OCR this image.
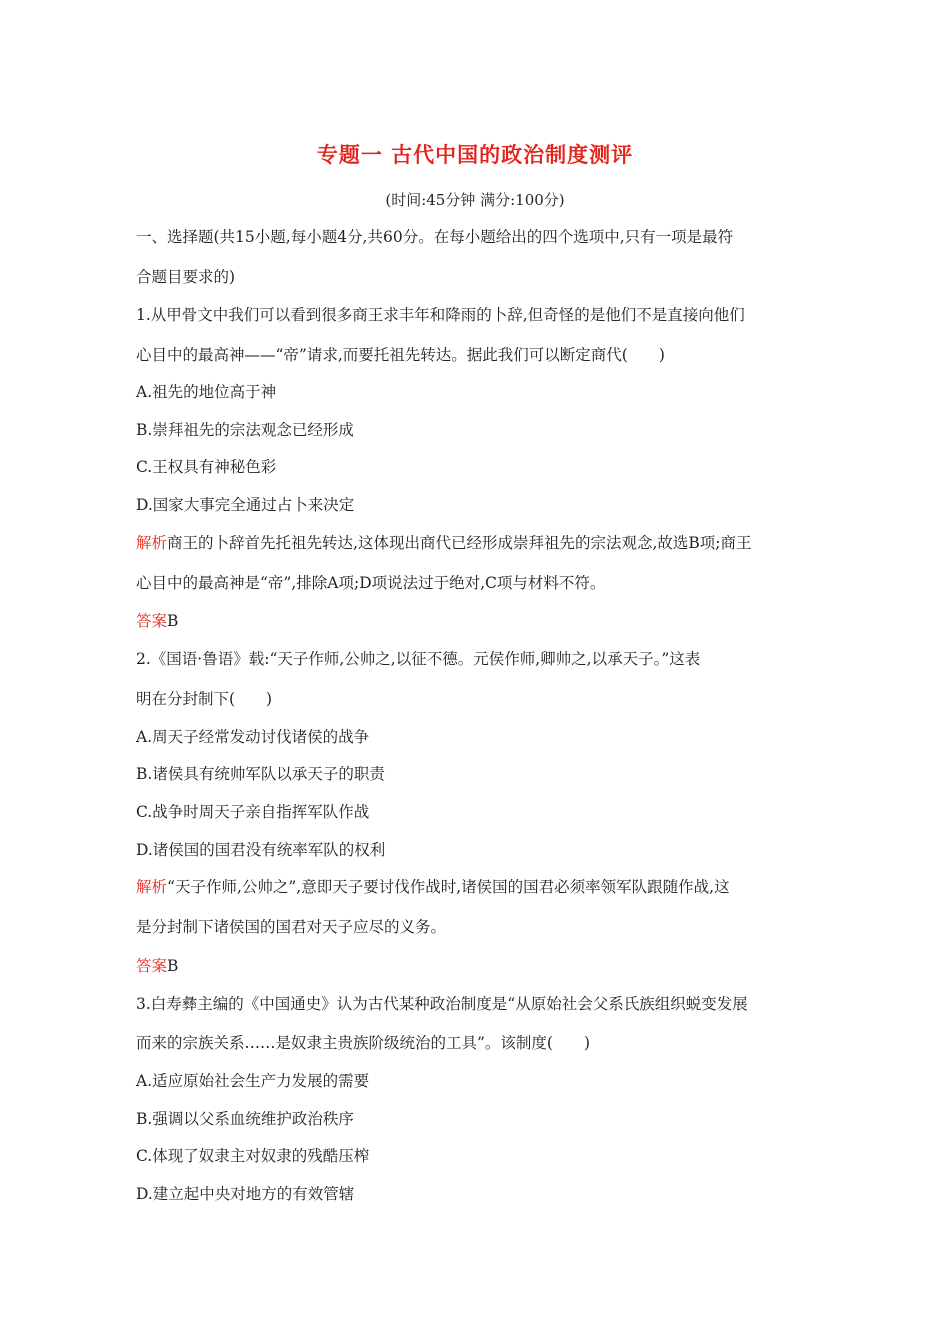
专题一 古代中国的政治制度测评
(时间:45分钟 满分:100分)
一、选择题(共15小题,每小题4分,共60分。在每小题给出的四个选项中,只有一项是最符
合题目要求的)
1.从甲骨文中我们可以看到很多商王求丰年和降雨的卜辞,但奇怪的是他们不是直接向他们
心目中的最高神——“帝”请求,而要托祖先转达。据此我们可以断定商代(　　)
A.祖先的地位高于神
B.崇拜祖先的宗法观念已经形成
C.王权具有神秘色彩
D.国家大事完全通过占卜来决定
解析商王的卜辞首先托祖先转达,这体现出商代已经形成崇拜祖先的宗法观念,故选B项;商王
心目中的最高神是“帝”,排除A项;D项说法过于绝对,C项与材料不符。
答案B
2.《国语·鲁语》载:“天子作师,公帅之,以征不德。元侯作师,卿帅之,以承天子。”这表
明在分封制下(　　)
A.周天子经常发动讨伐诸侯的战争
B.诸侯具有统帅军队以承天子的职责
C.战争时周天子亲自指挥军队作战
D.诸侯国的国君没有统率军队的权利
解析“天子作师,公帅之”,意即天子要讨伐作战时,诸侯国的国君必须率领军队跟随作战,这
是分封制下诸侯国的国君对天子应尽的义务。
答案B
3.白寿彝主编的《中国通史》认为古代某种政治制度是“从原始社会父系氏族组织蜕变发展
而来的宗族关系……是奴隶主贵族阶级统治的工具”。该制度(　　)
A.适应原始社会生产力发展的需要
B.强调以父系血统维护政治秩序
C.体现了奴隶主对奴隶的残酷压榨
D.建立起中央对地方的有效管辖
